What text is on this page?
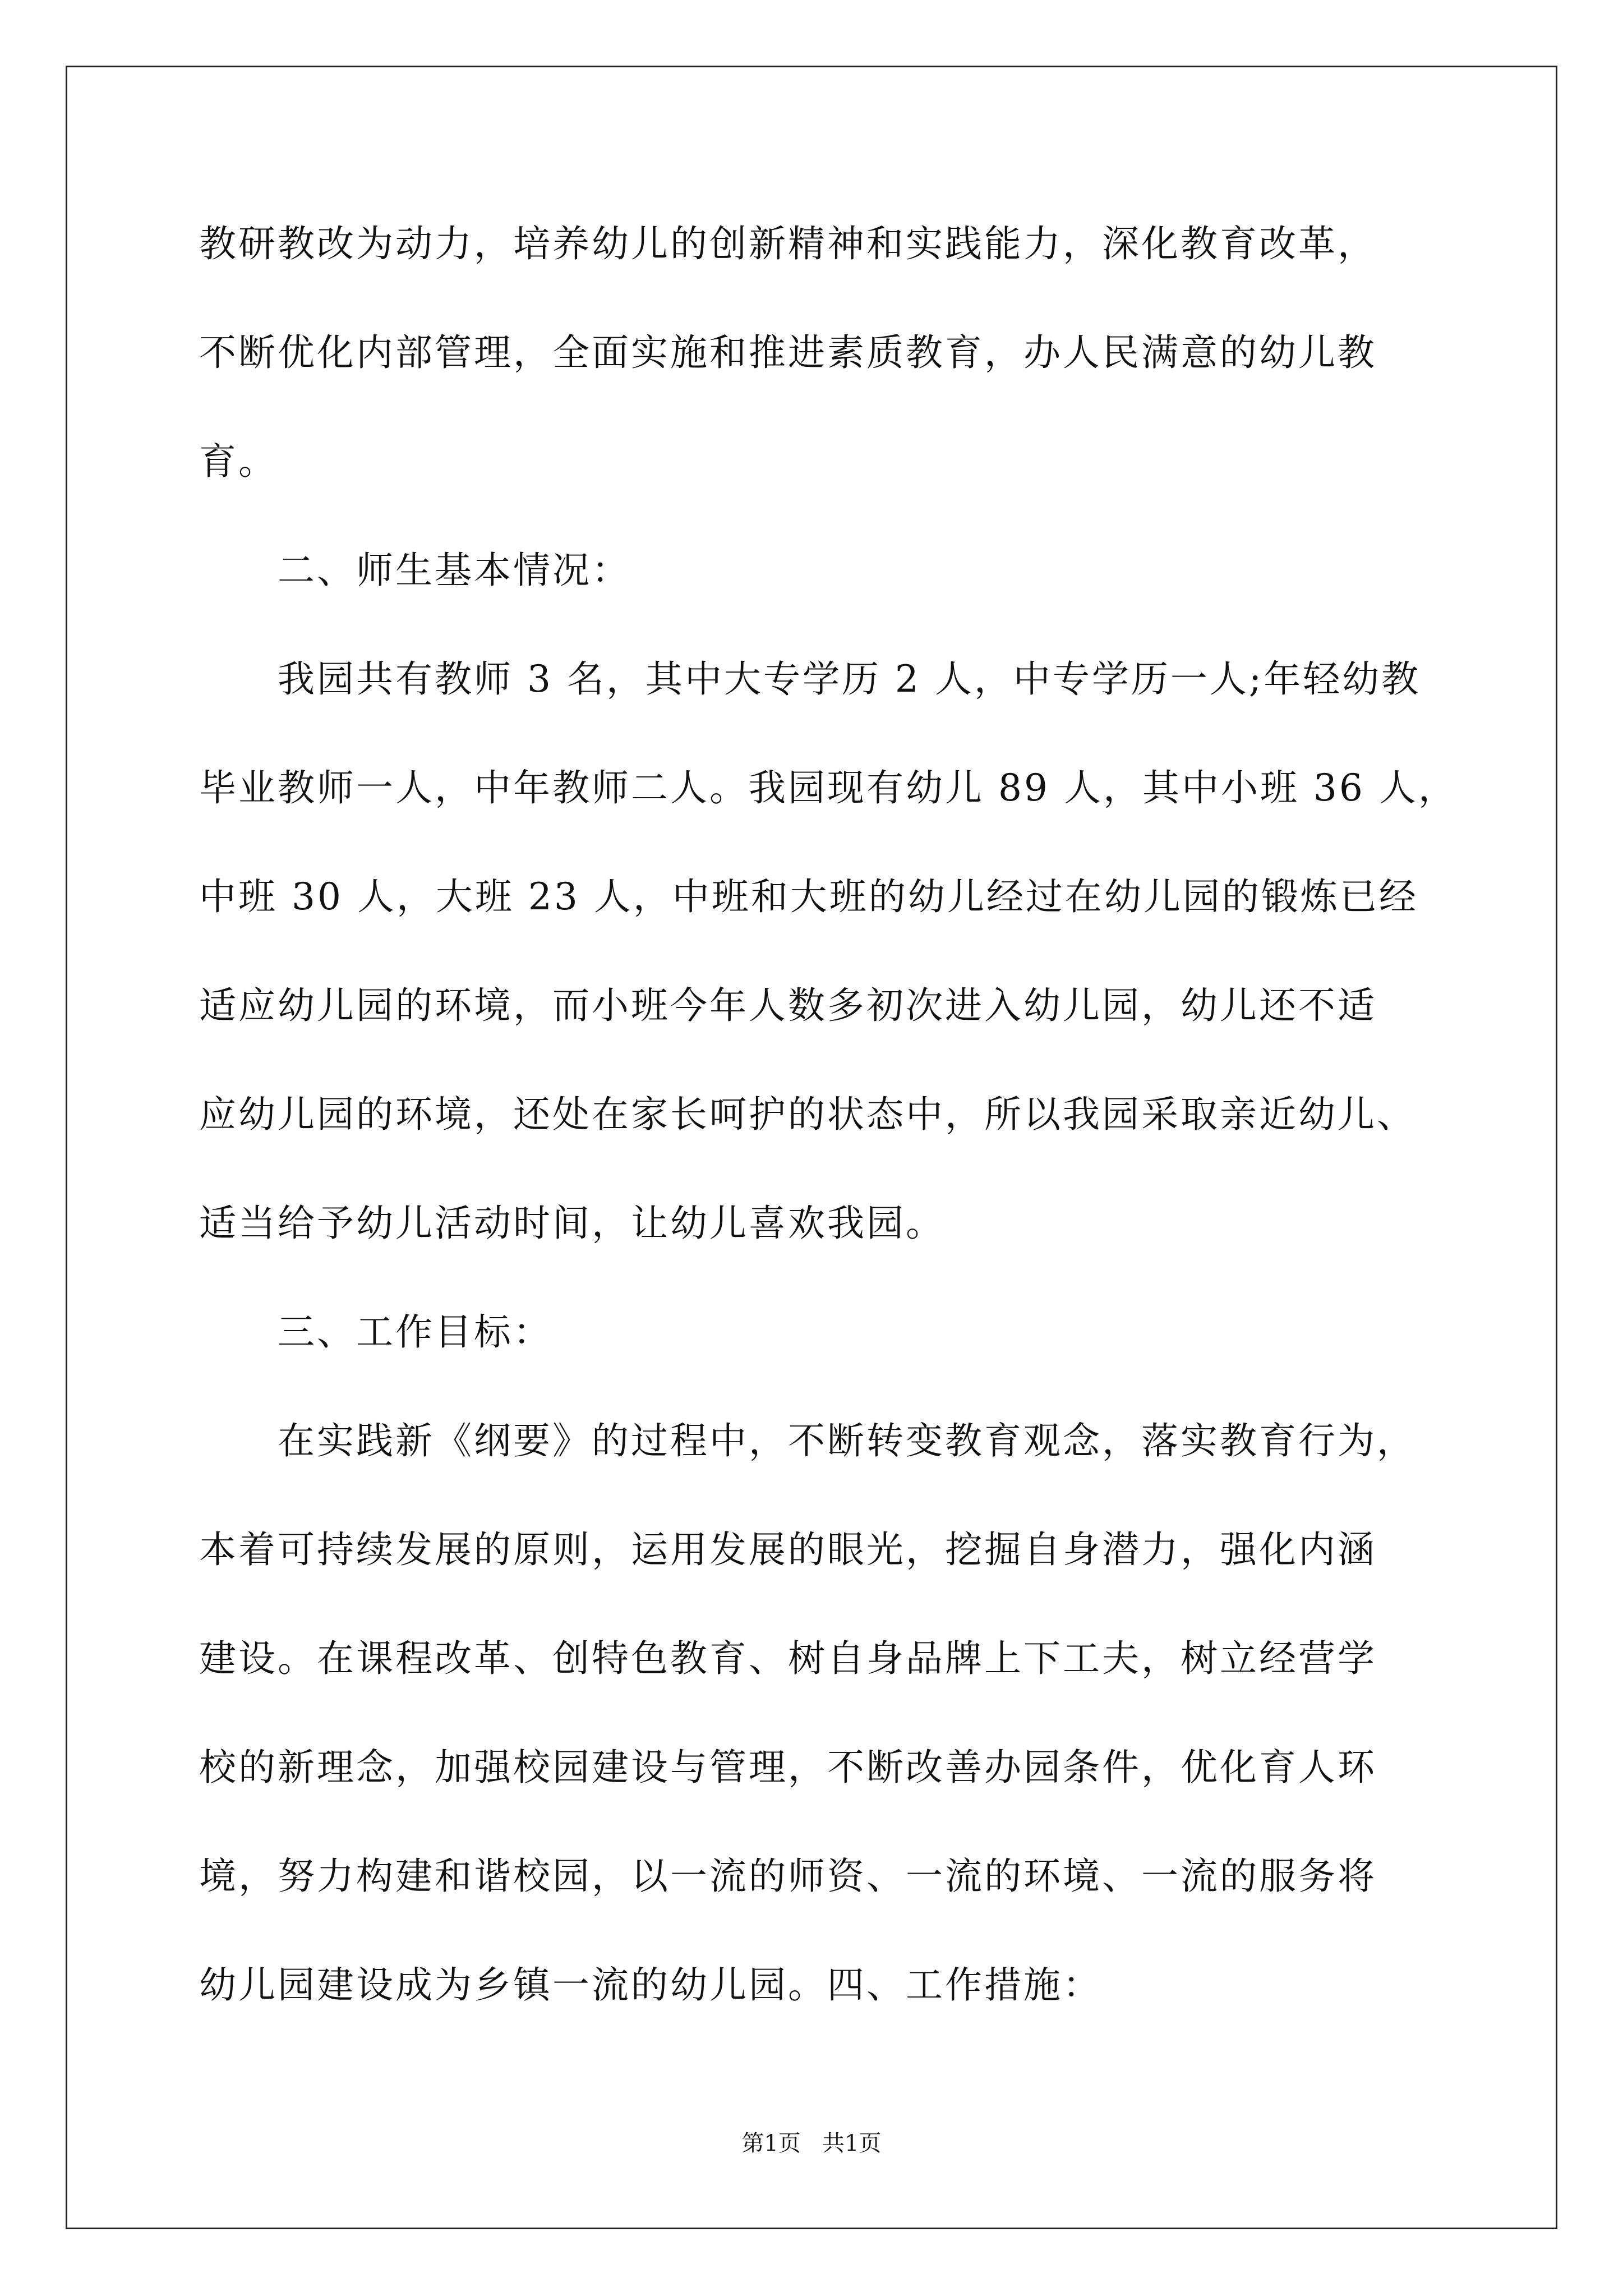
教研教改为动力，培养幼儿的创新精神和实践能力，深化教育改革，
不断优化内部管理，全面实施和推进素质教育，办人民满意的幼儿教
育。
二、师生基本情况：
我园共有教师 3 名，其中大专学历 2 人，中专学历一人;年轻幼教
毕业教师一人，中年教师二人。我园现有幼儿 89 人，其中小班 36 人，
中班 30 人，大班 23 人，中班和大班的幼儿经过在幼儿园的锻炼已经
适应幼儿园的环境，而小班今年人数多初次进入幼儿园，幼儿还不适
应幼儿园的环境，还处在家长呵护的状态中，所以我园采取亲近幼儿、
适当给予幼儿活动时间，让幼儿喜欢我园。
三、工作目标：
在实践新《纲要》的过程中，不断转变教育观念，落实教育行为，
本着可持续发展的原则，运用发展的眼光，挖掘自身潜力，强化内涵
建设。在课程改革、创特色教育、树自身品牌上下工夫，树立经营学
校的新理念，加强校园建设与管理，不断改善办园条件，优化育人环
境，努力构建和谐校园，以一流的师资、一流的环境、一流的服务将
幼儿园建设成为乡镇一流的幼儿园。四、工作措施：
第1页   共1页
